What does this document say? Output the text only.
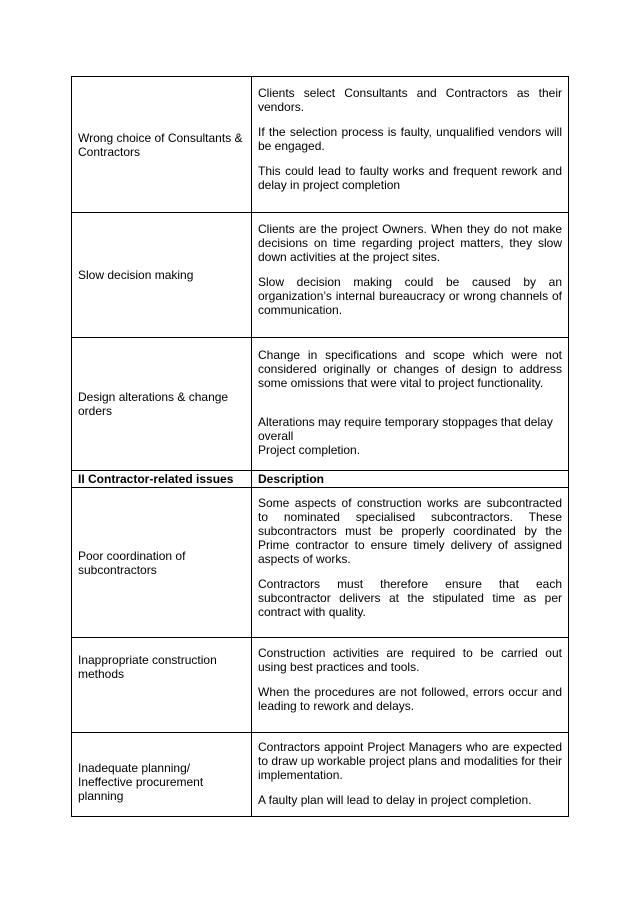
Wrong choice of Consultants & Contractors	Clients select Consultants and Contractors as their vendors.

If the selection process is faulty, unqualified vendors will be engaged.

This could lead to faulty works and frequent rework and delay in project completion

Slow decision making	Clients are the project Owners. When they do not make decisions on time regarding project matters, they slow down activities at the project sites.

Slow decision making could be caused by an organization’s internal bureaucracy or wrong channels of communication.

Design alterations & change orders	Change in specifications and scope which were not considered originally or changes of design to address some omissions that were vital to project functionality.

Alterations may require temporary stoppages that delay overall

Project completion.

II Contractor-related issues	Description
Poor coordination of subcontractors	Some aspects of construction works are subcontracted to nominated specialised subcontractors. These subcontractors must be properly coordinated by the Prime contractor to ensure timely delivery of assigned aspects of works.

Contractors must therefore ensure that each subcontractor delivers at the stipulated time as per contract with quality.

Inappropriate construction methods	Construction activities are required to be carried out using best practices and tools.

When the procedures are not followed, errors occur and leading to rework and delays.

Inadequate planning/ Ineffective procurement planning	Contractors appoint Project Managers who are expected to draw up workable project plans and modalities for their implementation.

A faulty plan will lead to delay in project completion.
